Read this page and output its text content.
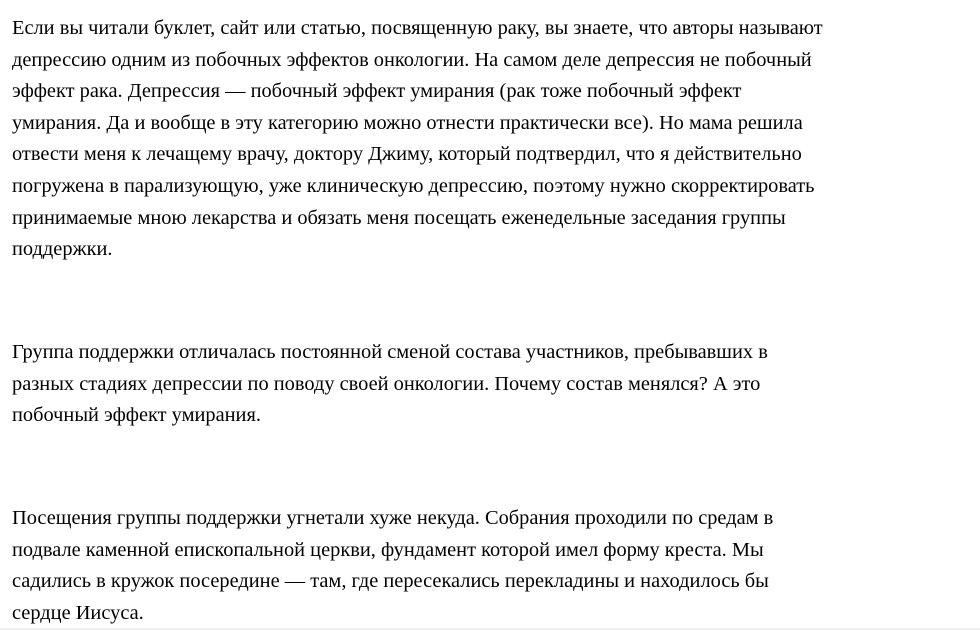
Если вы читали буклет, сайт или статью, посвященную раку, вы знаете, что авторы называют
депрессию одним из побочных эффектов онкологии. На самом деле депрессия не побочный
эффект рака. Депрессия — побочный эффект умирания (рак тоже побочный эффект
умирания. Да и вообще в эту категорию можно отнести практически все). Но мама решила
отвести меня к лечащему врачу, доктору Джиму, который подтвердил, что я действительно
погружена в парализующую, уже клиническую депрессию, поэтому нужно скорректировать
принимаемые мною лекарства и обязать меня посещать еженедельные заседания группы
поддержки.

Группа поддержки отличалась постоянной сменой состава участников, пребывавших в
разных стадиях депрессии по поводу своей онкологии. Почему состав менялся? А это
побочный эффект умирания.

Посещения группы поддержки угнетали хуже некуда. Собрания проходили по средам в
подвале каменной епископальной церкви, фундамент которой имел форму креста. Мы
садились в кружок посередине — там, где пересекались перекладины и находилось бы
сердце Иисуса.
